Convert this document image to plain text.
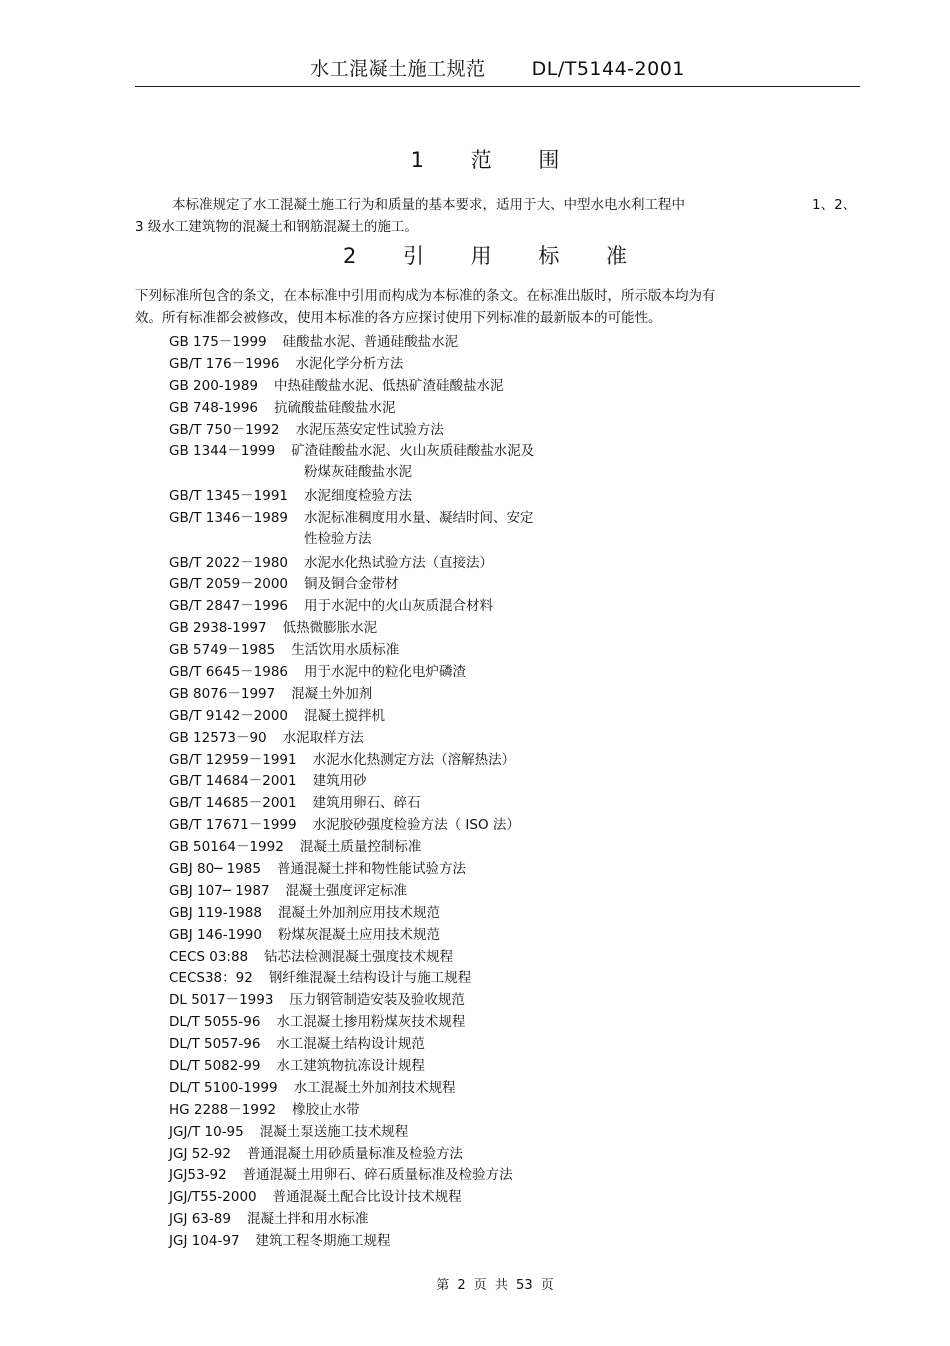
水工混凝土施工规范 DL/T5144-2001
1 范 围
本标准规定了水工混凝土施工行为和质量的基本要求，适用于大、中型水电水利工程中	1、2、
3 级水工建筑物的混凝土和钢筋混凝土的施工。
2 引 用 标 准
下列标准所包含的条文，在本标准中引用而构成为本标准的条文。在标准出版时，所示版本均为有
效。所有标准都会被修改，使用本标准的各方应探讨使用下列标准的最新版本的可能性。
GB 175－1999 硅酸盐水泥、普通硅酸盐水泥
GB/T 176－1996 水泥化学分析方法
GB 200-1989 中热硅酸盐水泥、低热矿渣硅酸盐水泥
GB 748-1996 抗硫酸盐硅酸盐水泥
GB/T 750－1992 水泥压蒸安定性试验方法
GB 1344－1999 矿渣硅酸盐水泥、火山灰质硅酸盐水泥及
粉煤灰硅酸盐水泥
GB/T 1345－1991 水泥细度检验方法
GB/T 1346－1989 水泥标准稠度用水量、凝结时间、安定
性检验方法
GB/T 2022－1980 水泥水化热试验方法（直接法）
GB/T 2059－2000 铜及铜合金带材
GB/T 2847－1996 用于水泥中的火山灰质混合材料
GB 2938-1997 低热微膨胀水泥
GB 5749－1985 生活饮用水质标准
GB/T 6645－1986 用于水泥中的粒化电炉磷渣
GB 8076－1997 混凝土外加剂
GB/T 9142－2000 混凝土搅拌机
GB 12573－90 水泥取样方法
GB/T 12959－1991 水泥水化热测定方法（溶解热法）
GB/T 14684－2001 建筑用砂
GB/T 14685－2001 建筑用卵石、碎石
GB/T 17671－1999 水泥胶砂强度检验方法（ ISO 法）
GB 50164－1992 混凝土质量控制标准
GBJ 80─ 1985 普通混凝土拌和物性能试验方法
GBJ 107─ 1987 混凝土强度评定标准
GBJ 119-1988 混凝土外加剂应用技术规范
GBJ 146-1990 粉煤灰混凝土应用技术规范
CECS 03:88 钻芯法检测混凝土强度技术规程
CECS38：92 钢纤维混凝土结构设计与施工规程
DL 5017－1993 压力钢管制造安装及验收规范
DL/T 5055-96 水工混凝土掺用粉煤灰技术规程
DL/T 5057-96 水工混凝土结构设计规范
DL/T 5082-99 水工建筑物抗冻设计规程
DL/T 5100-1999 水工混凝土外加剂技术规程
HG 2288－1992 橡胶止水带
JGJ/T 10-95 混凝土泵送施工技术规程
JGJ 52-92 普通混凝土用砂质量标准及检验方法
JGJ53-92 普通混凝土用卵石、碎石质量标准及检验方法
JGJ/T55-2000 普通混凝土配合比设计技术规程
JGJ 63-89 混凝土拌和用水标准
JGJ 104-97 建筑工程冬期施工规程
第 2 页 共 53 页
